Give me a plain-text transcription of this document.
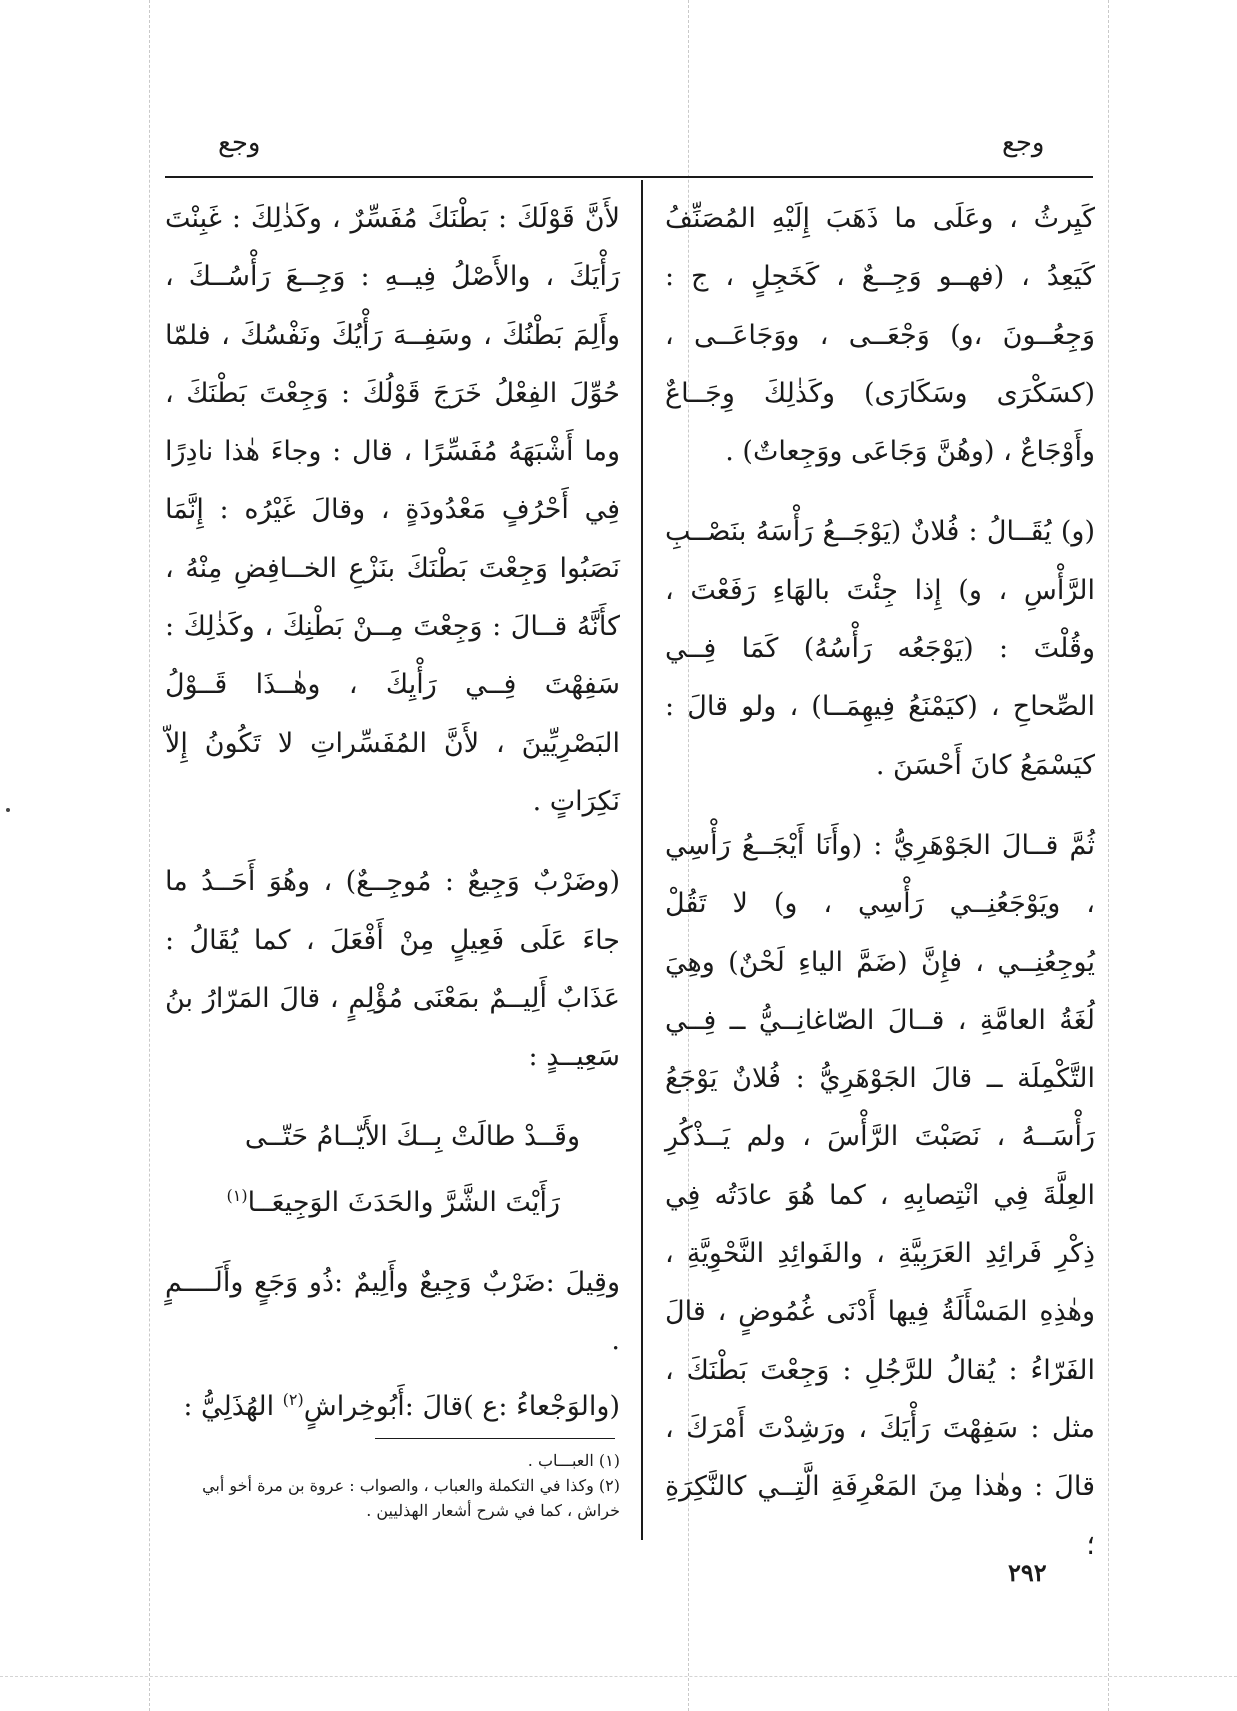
وجع
وجع

كَيِرثُ ، وعَلَى ما ذَهَبَ إِلَيْهِ المُصَنِّفُ كَيَعِدُ ، (فهــو وَجِــعٌ ، كَخَجِلٍ ، ج : وَجِعُــونَ ،و) وَجْعَــى ، ووَجَاعَــى ، (كسَكْرَى وسَكَارَى) وكَذٰلِكَ وِجَــاعٌ وأَوْجَاعٌ ، (وهُنَّ وَجَاعَى ووَجِعاتٌ) .

(و) يُقَــالُ : فُلانٌ (يَوْجَــعُ رَأْسَهُ بنَصْــبِ الرَّأْسِ ، و) إِذا جِئْتَ بالهَاءِ رَفَعْتَ ، وقُلْتَ : (يَوْجَعُه رَأْسُهُ) كَمَا فِــي الصِّحاحِ ، (كيَمْنَعُ فِيهِمَــا) ، ولو قالَ : كيَسْمَعُ كانَ أَحْسَنَ .

ثُمَّ قــالَ الجَوْهَرِيُّ : (وأَنَا أَيْجَــعُ رَأْسِي ، ويَوْجَعُنِــي رَأْسِي ، و) لا تَقُلْ يُوجِعُنِــي ، فإِنَّ (ضَمَّ الياءِ لَحْنٌ) وهِيَ لُغَةُ العامَّةِ ، قــالَ الصّاغانِــيُّ ــ فِــي التَّكْمِلَة ــ قالَ الجَوْهَرِيُّ : فُلانٌ يَوْجَعُ رَأْسَــهُ ، نَصَبْتَ الرَّأْسَ ، ولم يَــذْكُرِ العِلَّةَ فِي انْتِصابِهِ ، كما هُوَ عادَتُه فِي ذِكْرِ فَرائِدِ العَرَبِيَّةِ ، والفَوائِدِ النَّحْوِيَّةِ ، وهٰذِهِ المَسْأَلَةُ فِيها أَدْنَى غُمُوضٍ ، قالَ الفَرّاءُ : يُقالُ للرَّجُلِ : وَجِعْتَ بَطْنَكَ ، مثل : سَفِهْتَ رَأْيَكَ ، ورَشِدْتَ أَمْرَكَ ، قالَ : وهٰذا مِنَ المَعْرِفَةِ الَّتِــي كالنَّكِرَةِ ؛

لأَنَّ قَوْلَكَ : بَطْنَكَ مُفَسِّرٌ ، وكَذٰلِكَ : غَبِنْتَ رَأْيَكَ ، والأَصْلُ فِيــهِ : وَجِــعَ رَأْسُــكَ ، وأَلِمَ بَطْنُكَ ، وسَفِــهَ رَأْيُكَ ونَفْسُكَ ، فلمّا حُوِّلَ الفِعْلُ خَرَجَ قَوْلُكَ : وَجِعْتَ بَطْنَكَ ، وما أَشْبَهَهُ مُفَسِّرًا ، قال : وجاءَ هٰذا نادِرًا فِي أَحْرُفٍ مَعْدُودَةٍ ، وقالَ غَيْرُه : إِنَّمَا نَصَبُوا وَجِعْتَ بَطْنَكَ بنَزْعِ الخــافِضِ مِنْهُ ، كأَنَّهُ قــالَ : وَجِعْتَ مِــنْ بَطْنِكَ ، وكَذٰلِكَ : سَفِهْتَ فِــي رَأْيِكَ ، وهٰــذَا قَــوْلُ البَصْرِيِّينَ ، لأَنَّ المُفَسِّراتِ لا تَكُونُ إِلاّ نَكِرَاتٍ .

(وضَرْبٌ وَجِيعٌ : مُوجِــعٌ) ، وهُوَ أَحَــدُ ما جاءَ عَلَى فَعِيلٍ مِنْ أَفْعَلَ ، كما يُقَالُ : عَذَابٌ أَلِيــمٌ بمَعْنَى مُؤْلِمٍ ، قالَ المَرّارُ بنُ سَعِيــدٍ :

وقَــدْ طالَتْ بِــكَ الأَيّــامُ حَتّــى

رَأَيْتَ الشَّرَّ والحَدَثَ الوَجِيعَــا$^{(١)}$

وقِيلَ :ضَرْبٌ وَجِيعٌ وأَلِيمٌ :ذُو وَجَعٍ وأَلَــــمٍ .

(والوَجْعاءُ :ع )قالَ :أَبُوخِراشٍ$^{(٢)}$ الهُذَلِيُّ :

(١) العبـــاب .

(٢) وكذا في التكملة والعباب ، والصواب : عروة بن مرة أخو أبي خراش ، كما في شرح أشعار الهذليين .

٢٩٢
